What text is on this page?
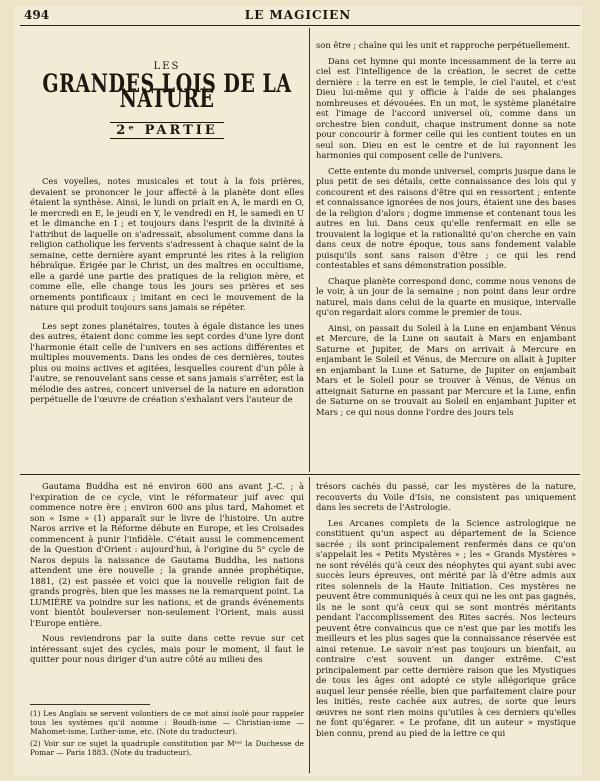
494	LE MAGICIEN

LES

GRANDES LOIS DE LA NATURE
2ᵉ PARTIE

Ces voyelles, notes musicales et tout à la fois prières, devaient se prononcer le jour affecté à la planète dont elles étaient la synthèse. Ainsi, le lundi on priait en A, le mardi en O, le mercredi en E, le jeudi en Y, le vendredi en H, le samedi en U et le dimanche en I ; et toujours dans l'esprit de la divinité à l'attribut de laquelle on s'adressait, absolument comme dans la religion catholique les fervents s'adressent à chaque saint de la semaine, cette dernière ayant emprunté les rites à la religion hébraïque. Érigée par le Christ, un des maîtres en occultisme, elle a gardé une partie des pratiques de la religion mère, et comme elle, elle change tous les jours ses prières et ses ornements pontificaux ; imitant en ceci le mouvement de la nature qui produit toujours sans jamais se répéter.

Les sept zones planétaires, toutes à égale distance les unes des autres, étaient donc comme les sept cordes d'une lyre dont l'harmonie était celle de l'univers en ses actions différentes et multiples mouvements. Dans les ondes de ces dernières, toutes plus ou moins actives et agitées, lesquelles courent d'un pôle à l'autre, se renouvelant sans cesse et sans jamais s'arrêter, est la mélodie des astres, concert universel de la nature en adoration perpétuelle de l'œuvre de création s'exhalant vers l'auteur de

son être ; chaîne qui les unit et rapproche perpétuellement.

Dans cet hymne qui monte incessamment de la terre au ciel est l'intelligence de la création, le secret de cette dernière : la terre en est le temple, le ciel l'autel, et c'est Dieu lui-même qui y officie à l'aide de ses phalanges nombreuses et dévouées. En un mot, le système planétaire est l'image de l'accord universel où, comme dans un orchestre bien conduit, chaque instrument donne sa note pour concourir à former celle qui les contient toutes en un seul son. Dieu en est le centre et de lui rayonnent les harmonies qui composent celle de l'univers.

Cette entente du monde universel, compris jusque dans le plus petit de ses détails, cette connaissance des lois qui y concourent et des raisons d'être qui en ressortent ; entente et connaissance ignorées de nos jours, étaient une des bases de la religion d'alors ; dogme immense et contenant tous les autres en lui. Dans ceux qu'elle renfermait en elle se trouvaient la logique et la rationalité qu'on cherche en vain dans ceux de notre époque, tous sans fondement valable puisqu'ils sont sans raison d'être ; ce qui les rend contestables et sans démonstration possible.

Chaque planète correspond donc, comme nous venons de le voir, à un jour de la semaine ; non point dans leur ordre naturel, mais dans celui de la quarte en musique, intervalle qu'on regardait alors comme le premier de tous.

Ainsi, on passait du Soleil à la Lune en enjambant Vénus et Mercure, de la Lune on sautait à Mars en enjambant Saturne et Jupiter, de Mars on arrivait à Mercure en enjambant le Soleil et Vénus, de Mercure on allait à Jupiter en enjambant la Lune et Saturne, de Jupiter on enjambait Mars et le Soleil pour se trouver à Vénus, de Vénus on atteignait Saturne en passant par Mercure et la Lune, enfin de Saturne on se trouvait au Soleil en enjambant Jupiter et Mars ; ce qui nous donne l'ordre des jours tels

Gautama Buddha est né environ 600 ans avant J.-C. ; à l'expiration de ce cycle, vint le réformateur juif avec qui commence notre ère ; environ 600 ans plus tard, Mahomet et son « Isme » (1) apparaît sur le livre de l'histoire. Un autre Naros arrive et la Réforme débute en Europe, et les Croisades commencent à punir l'infidèle. C'était aussi le commencement de la Question d'Orient : aujourd'hui, à l'origine du 5ᵉ cycle de Naros depuis la naissance de Gautama Buddha, les nations attendent une ère nouvelle ; la grande année prophétique, 1881, (2) est passée et voici que la nouvelle religion fait de grands progrès, bien que les masses ne la remarquent point. La LUMIÈRE va poindre sur les nations, et de grands événements vont bientôt bouleverser non-seulement l'Orient, mais aussi l'Europe entière.

Nous reviendrons par la suite dans cette revue sur cet intéressant sujet des cycles, mais pour le moment, il faut le quitter pour nous diriger d'un autre côté au milieu des

(1) Les Anglais se servent volontiers de ce mot ainsi isolé pour rappeler tous les systèmes qu'il nomme : Boudh-isme — Christian-isme — Mahomet-isme, Luther-isme, etc. (Note du traducteur).

(2) Voir sur ce sujet la quadruple constitution par Mᵐᵉ la Duchesse de Pomar — Paris 1883. (Note du traducteur).

trésors cachés du passé, car les mystères de la nature, recouverts du Voile d'Isis, ne consistent pas uniquement dans les secrets de l'Astrologie.

Les Arcanes complets de la Science astrologique ne constituent qu'un aspect au département de la Science sacrée ; ils sont principalement renfermés dans ce qu'on s'appelait les « Petits Mystères » ; les « Grands Mystères » ne sont révélés qu'à ceux des néophytes qui ayant subi avec succès leurs épreuves, ont mérité par là d'être admis aux rites solennels de la Haute Initiation. Ces mystères ne peuvent être communiqués à ceux qui ne les ont pas gagnés, ils ne le sont qu'à ceux qui se sont montrés méritants pendant l'accomplissement des Rites sacrés. Nos lecteurs peuvent être convaincus que ce n'est que par les motifs les meilleurs et les plus sages que la connaissance réservée est ainsi retenue. Le savoir n'est pas toujours un bienfait, au contraire c'est souvent un danger extrême. C'est principalement par cette dernière raison que les Mystiques de tous les âges ont adopté ce style allégorique grâce auquel leur pensée réelle, bien que parfaitement claire pour les initiés, reste cachée aux autres, de sorte que leurs œuvres ne sont rien moins qu'utiles à ces derniers qu'elles ne font qu'égarer. « Le profane, dit un auteur » mystique bien connu, prend au pied de la lettre ce qui
